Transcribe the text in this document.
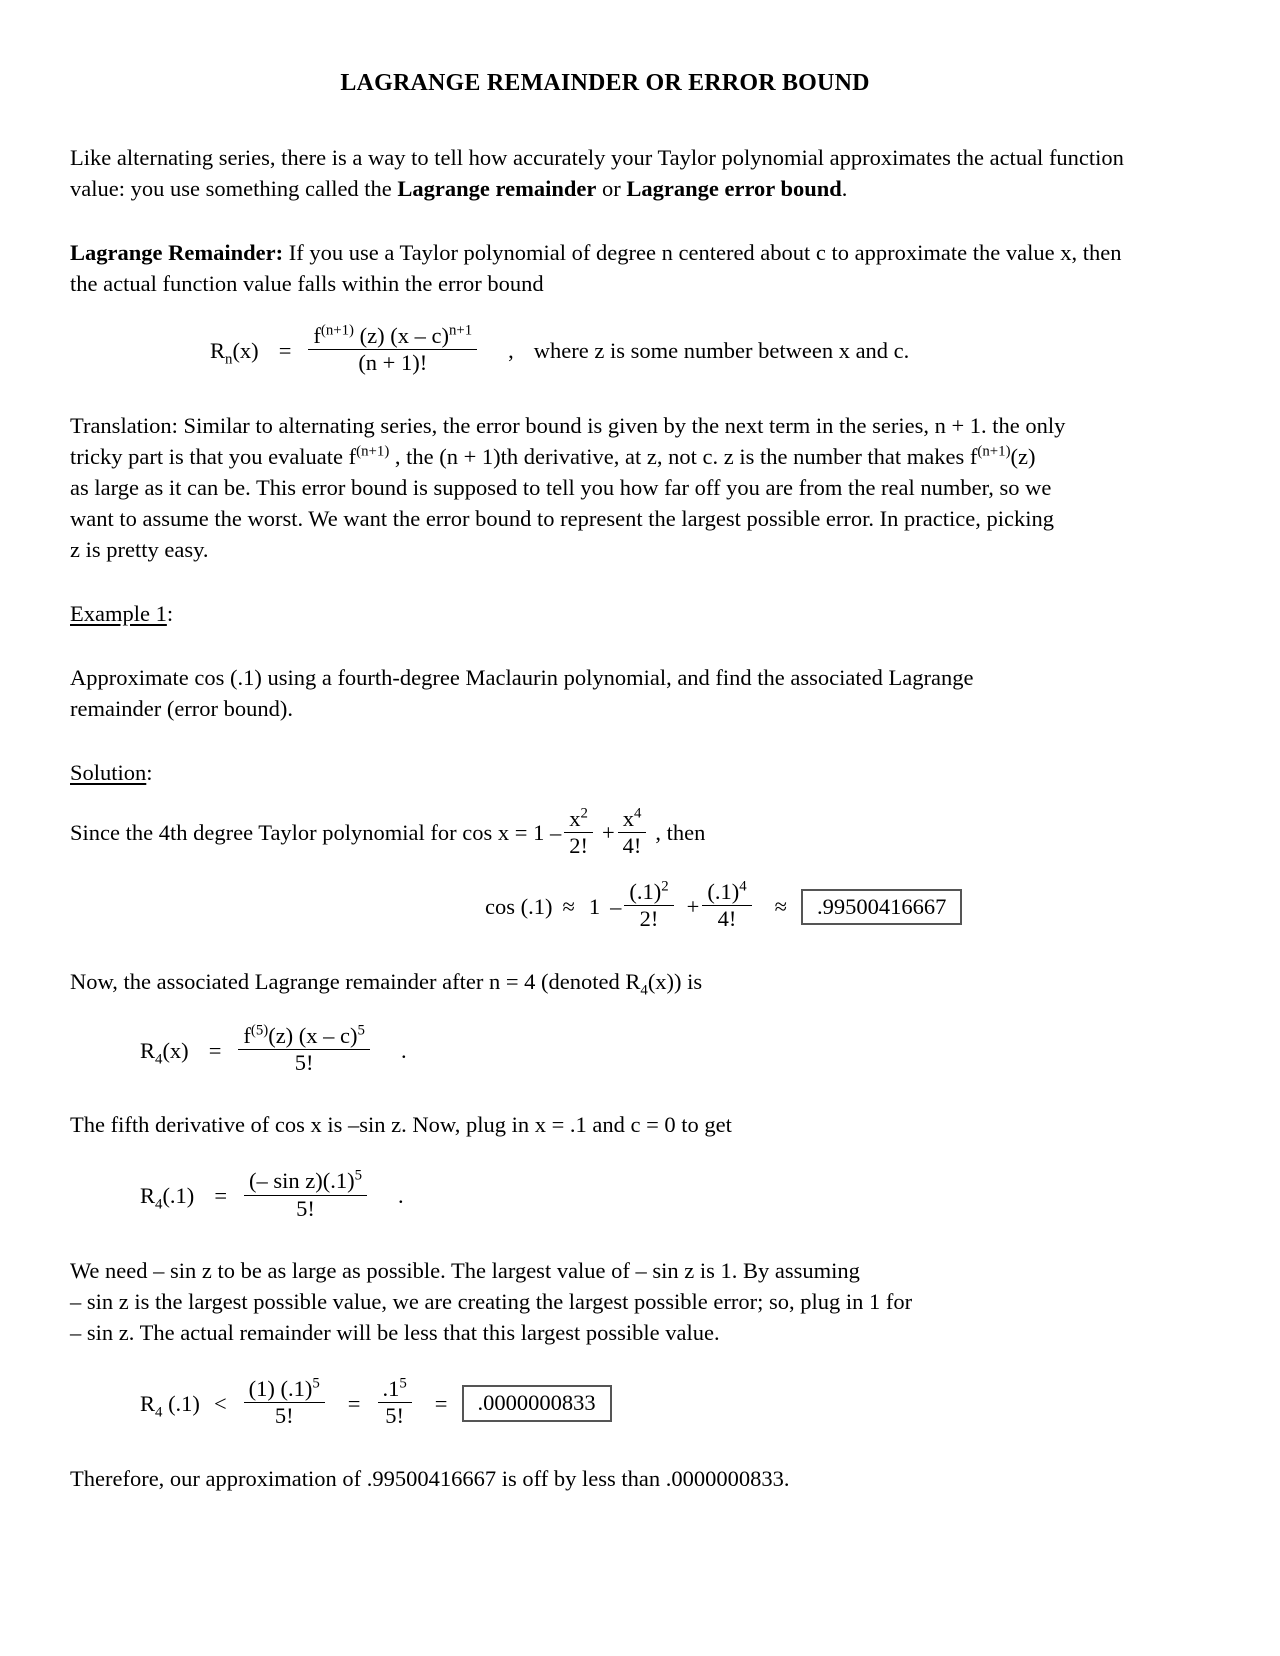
LAGRANGE REMAINDER OR ERROR BOUND
Like alternating series, there is a way to tell how accurately your Taylor polynomial approximates the actual function value: you use something called the Lagrange remainder or Lagrange error bound.
Lagrange Remainder: If you use a Taylor polynomial of degree n centered about c to approximate the value x, then the actual function value falls within the error bound
$R_n(x) = \frac{f^{(n+1)} (z) (x - c)^{n+1}}{(n + 1)!}$ , where z is some number between x and c.
Translation: Similar to alternating series, the error bound is given by the next term in the series, n + 1. the only
tricky part is that you evaluate $f^{(n+1)}$ , the (n + 1)th derivative, at z, not c. z is the number that makes $f^{(n+1)}(z)$
as large as it can be. This error bound is supposed to tell you how far off you are from the real number, so we
want to assume the worst. We want the error bound to represent the largest possible error. In practice, picking
z is pretty easy.
Example 1:
Approximate cos (.1) using a fourth-degree Maclaurin polynomial, and find the associated Lagrange
remainder (error bound).
Solution:
Since the 4th degree Taylor polynomial for $\cos x = 1 - \frac{x^2}{2!} + \frac{x^4}{4!}$ , then
$\cos (.1) \approx 1 - \frac{(.1)^2}{2!} + \frac{(.1)^4}{4!}$ ≈	.99500416667
Now, the associated Lagrange remainder after n = 4 (denoted $R_4(x)$) is
$R_4(x) = \frac{f^{(5)}(z) (x - c)^5}{5!}$ .
The fifth derivative of cos x is –sin z. Now, plug in x = .1 and c = 0 to get
$R_4(.1) = \frac{(- \sin z)(.1)^5}{5!}$ .
We need – sin z to be as large as possible. The largest value of – sin z is 1. By assuming
– sin z is the largest possible value, we are creating the largest possible error; so, plug in 1 for
– sin z. The actual remainder will be less that this largest possible value.
$R_4$ $(.1) < \frac{(1) (.1)^5}{5!} = \frac{.1^5}{5!}$ =	.0000000833
Therefore, our approximation of .99500416667 is off by less than .0000000833.
